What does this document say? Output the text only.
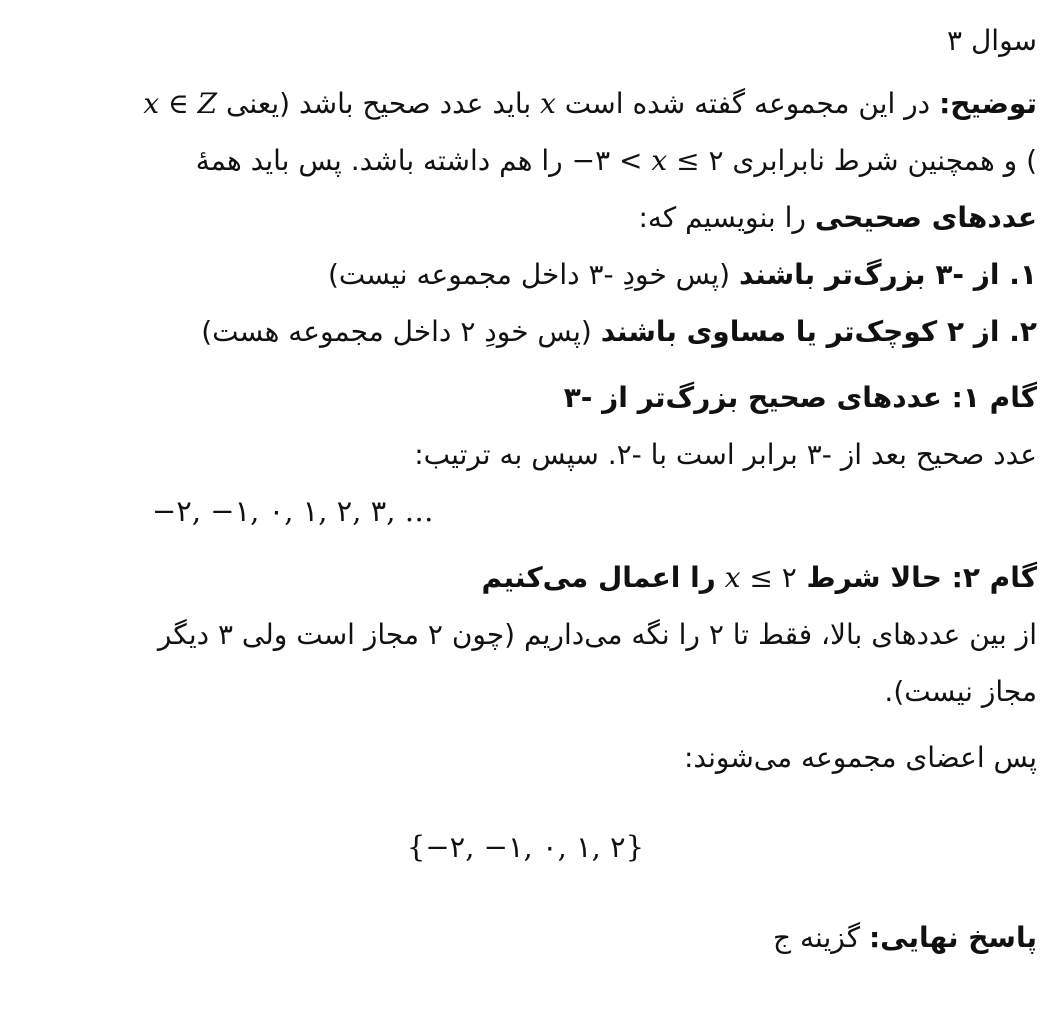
سوال ۳

توضیح: در این مجموعه گفته شده است x باید عدد صحیح باشد (یعنی x ∈ Z ) و همچنین شرط نابرابری −۳ < x ≤ ۲ را هم داشته باشد. پس باید همۀ عددهای صحیحی را بنویسیم که:

۱. از -۳ بزرگ‌تر باشند (پس خودِ -۳ داخل مجموعه نیست)

۲. از ۲ کوچک‌تر یا مساوی باشند (پس خودِ ۲ داخل مجموعه هست)

گام ۱: عددهای صحیح بزرگ‌تر از -۳

عدد صحیح بعد از -۳ برابر است با -۲. سپس به ترتیب:

−۲, −۱, ۰, ۱, ۲, ۳, …

گام ۲: حالا شرط x ≤ ۲ را اعمال می‌کنیم

از بین عددهای بالا، فقط تا ۲ را نگه می‌داریم (چون ۲ مجاز است ولی ۳ دیگر مجاز نیست).

پس اعضای مجموعه می‌شوند:

{−۲, −۱, ۰, ۱, ۲}

پاسخ نهایی: گزینه ج
